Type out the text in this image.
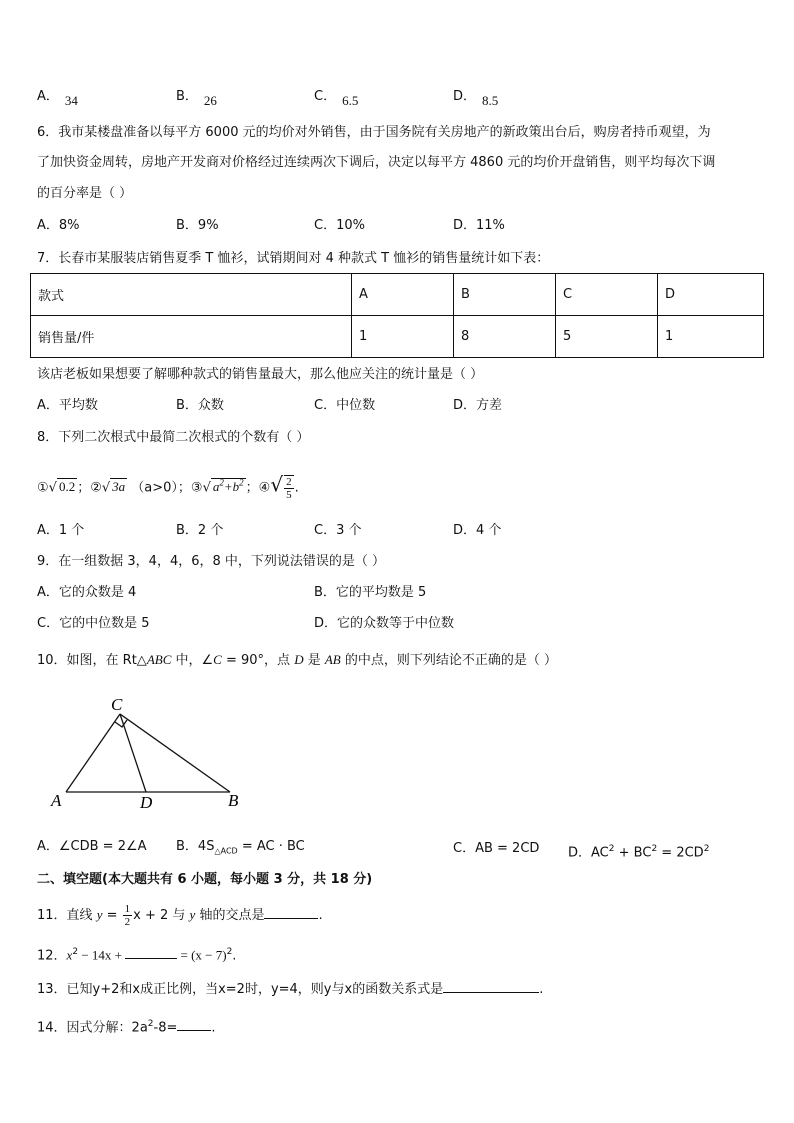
A． 34	B． 26	C． 6.5	D． 8.5
6．我市某楼盘准备以每平方 6000 元的均价对外销售，由于国务院有关房地产的新政策出台后，购房者持币观望，为
了加快资金周转，房地产开发商对价格经过连续两次下调后，决定以每平方 4860 元的均价开盘销售，则平均每次下调
的百分率是（ ）
A．8%	B．9%	C．10%	D．11%
7．长春市某服装店销售夏季 T 恤衫，试销期间对 4 种款式 T 恤衫的销售量统计如下表：
款式	A	B	C	D
销售量/件	1	8	5	1
该店老板如果想要了解哪种款式的销售量最大，那么他应关注的统计量是（ ）
A．平均数	B．众数	C．中位数	D．方差
8．下列二次根式中最简二次根式的个数有（ ）
①√ 0.2 ；②√ 3a （a>0）；③√ $a^2+b^2$ ；④√ $\frac{2}{5}$ .
A．1 个	B．2 个	C．3 个	D．4 个
9．在一组数据 3，4，4，6，8 中，下列说法错误的是（ ）
A．它的众数是 4	B．它的平均数是 5
C．它的中位数是 5	D．它的众数等于中位数
10．如图，在 Rt△ABC 中，∠C = 90°，点 D 是 AB 的中点，则下列结论不正确的是（ ）
C
A	D	B
A．∠CDB = 2∠A B．$4S_{\triangle ACD}$ = AC · BC	C．AB = 2CD D．$AC^2 + BC^2 = 2CD^2$
二、填空题(本大题共有 6 小题，每小题 3 分，共 18 分)
11．直线 $y = \frac{1}{2}$ x + 2 与 y 轴的交点是	.
12．$x^2 - 14x$ +	= $(x - 7)^2$.
13．已知y+2和x成正比例，当x=2时，y=4，则y与x的函数关系式是	.
14．因式分解：$2a^2-8=$	.
